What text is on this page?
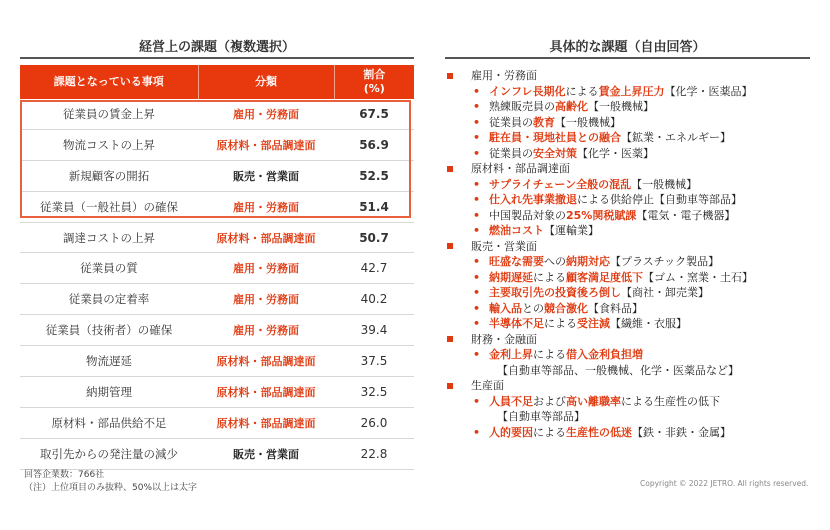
経営上の課題（複数選択）	具体的な課題（自由回答）
課題となっている事項	分類	割合
(%)
従業員の賃金上昇	雇用・労務面	67.5
物流コストの上昇	原材料・部品調達面	56.9
新規顧客の開拓	販売・営業面	52.5
従業員（一般社員）の確保	雇用・労務面	51.4
調達コストの上昇	原材料・部品調達面	50.7
従業員の質	雇用・労務面	42.7
従業員の定着率	雇用・労務面	40.2
従業員（技術者）の確保	雇用・労務面	39.4
物流遅延	原材料・部品調達面	37.5
納期管理	原材料・部品調達面	32.5
原材料・部品供給不足	原材料・部品調達面	26.0
取引先からの発注量の減少	販売・営業面	22.8
回答企業数：766社
（注）上位項目のみ抜粋、50%以上は太字
雇用・労務面
• インフレ長期化による賃金上昇圧力【化学・医薬品】
• 熟練販売員の高齢化【一般機械】
• 従業員の教育【一般機械】
• 駐在員・現地社員との融合【鉱業・エネルギー】
• 従業員の安全対策【化学・医薬】
原材料・部品調達面
• サプライチェーン全般の混乱【一般機械】
• 仕入れ先事業撤退による供給停止【自動車等部品】
• 中国製品対象の25%関税賦課【電気・電子機器】
• 燃油コスト【運輸業】
販売・営業面
• 旺盛な需要への納期対応【プラスチック製品】
• 納期遅延による顧客満足度低下【ゴム・窯業・土石】
• 主要取引先の投資後ろ倒し【商社・卸売業】
• 輸入品との競合激化【食料品】
• 半導体不足による受注減【繊維・衣服】
財務・金融面
• 金利上昇による借入金利負担増
【自動車等部品、一般機械、化学・医薬品など】
生産面
• 人員不足および高い離職率による生産性の低下
【自動車等部品】
• 人的要因による生産性の低迷【鉄・非鉄・金属】
Copyright © 2022 JETRO. All rights reserved.
